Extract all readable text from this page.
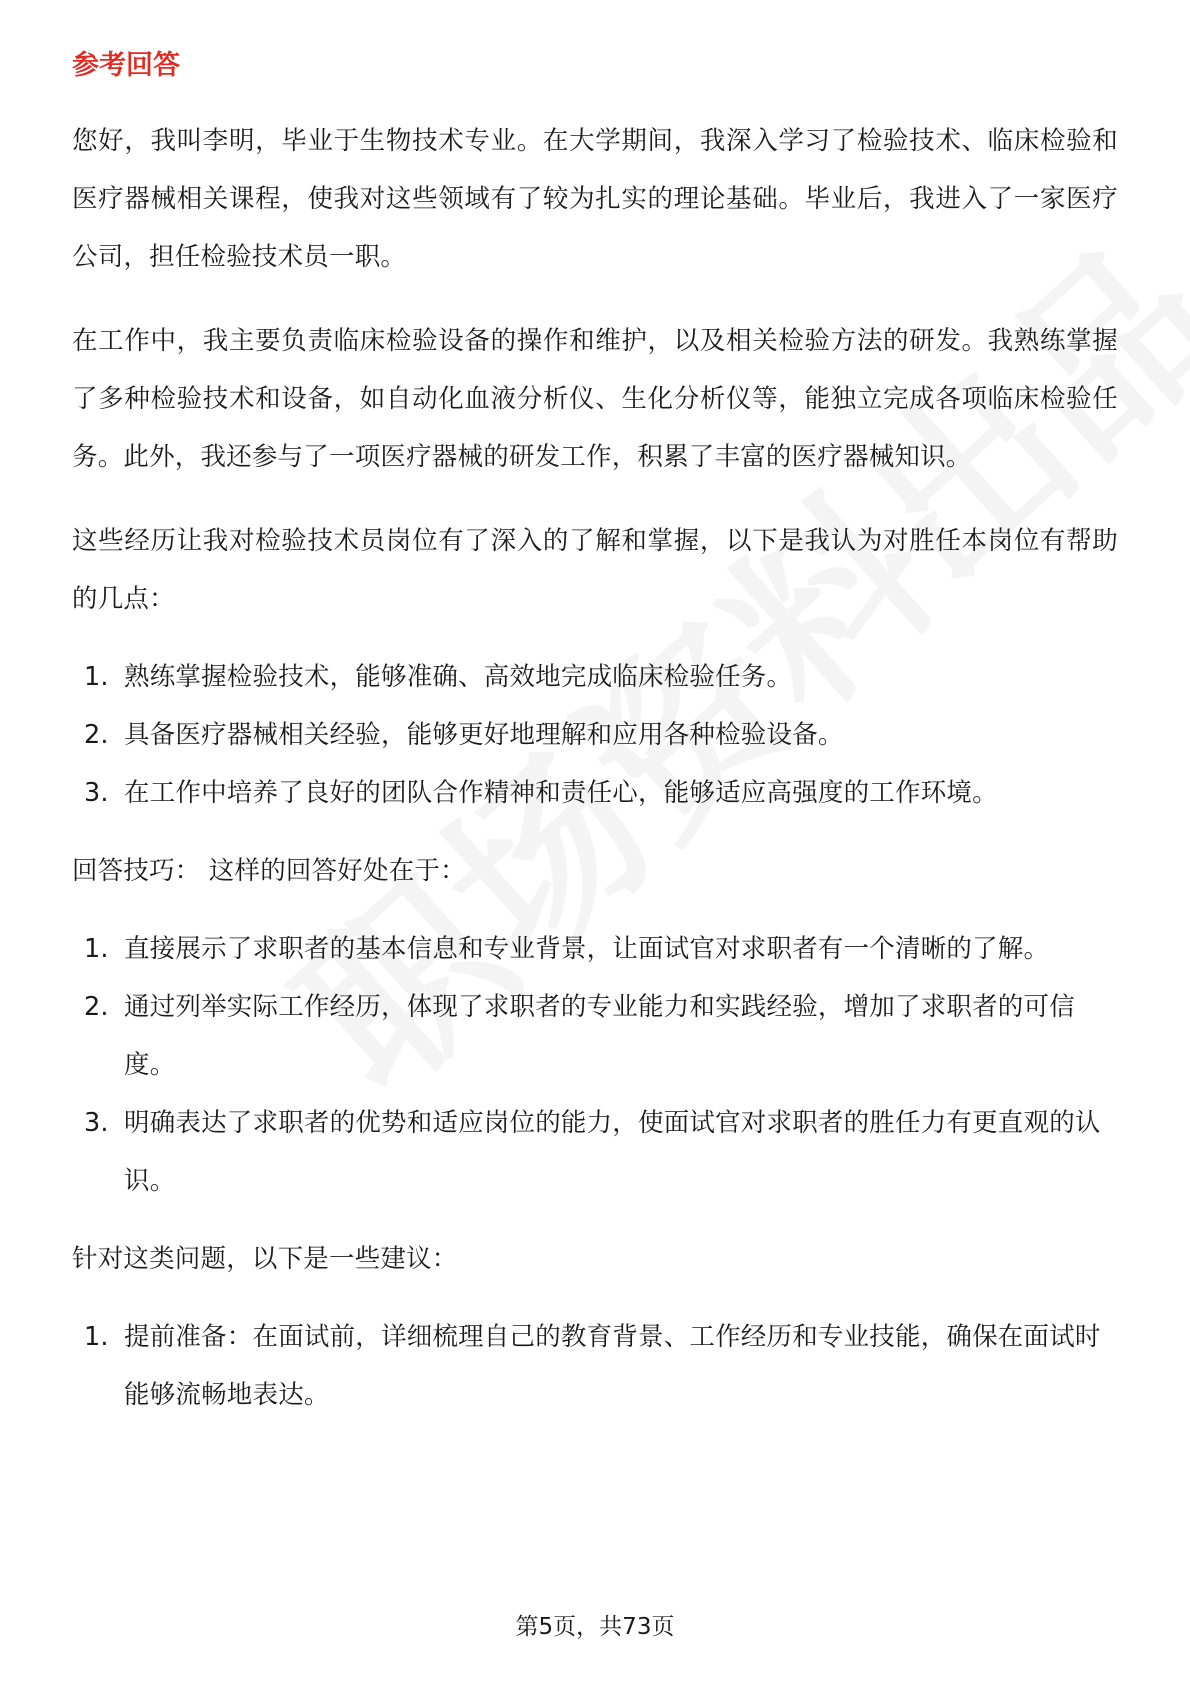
参考回答

您好，我叫李明，毕业于生物技术专业。在大学期间，我深入学习了检验技术、临床检验和医疗器械相关课程，使我对这些领域有了较为扎实的理论基础。毕业后，我进入了一家医疗公司，担任检验技术员一职。

在工作中，我主要负责临床检验设备的操作和维护，以及相关检验方法的研发。我熟练掌握了多种检验技术和设备，如自动化血液分析仪、生化分析仪等，能独立完成各项临床检验任务。此外，我还参与了一项医疗器械的研发工作，积累了丰富的医疗器械知识。

这些经历让我对检验技术员岗位有了深入的了解和掌握，以下是我认为对胜任本岗位有帮助的几点：

1. 熟练掌握检验技术，能够准确、高效地完成临床检验任务。
2. 具备医疗器械相关经验，能够更好地理解和应用各种检验设备。
3. 在工作中培养了良好的团队合作精神和责任心，能够适应高强度的工作环境。

回答技巧： 这样的回答好处在于：

1. 直接展示了求职者的基本信息和专业背景，让面试官对求职者有一个清晰的了解。
2. 通过列举实际工作经历，体现了求职者的专业能力和实践经验，增加了求职者的可信度。
3. 明确表达了求职者的优势和适应岗位的能力，使面试官对求职者的胜任力有更直观的认识。

针对这类问题，以下是一些建议：

1. 提前准备：在面试前，详细梳理自己的教育背景、工作经历和专业技能，确保在面试时能够流畅地表达。
第5页，共73页
